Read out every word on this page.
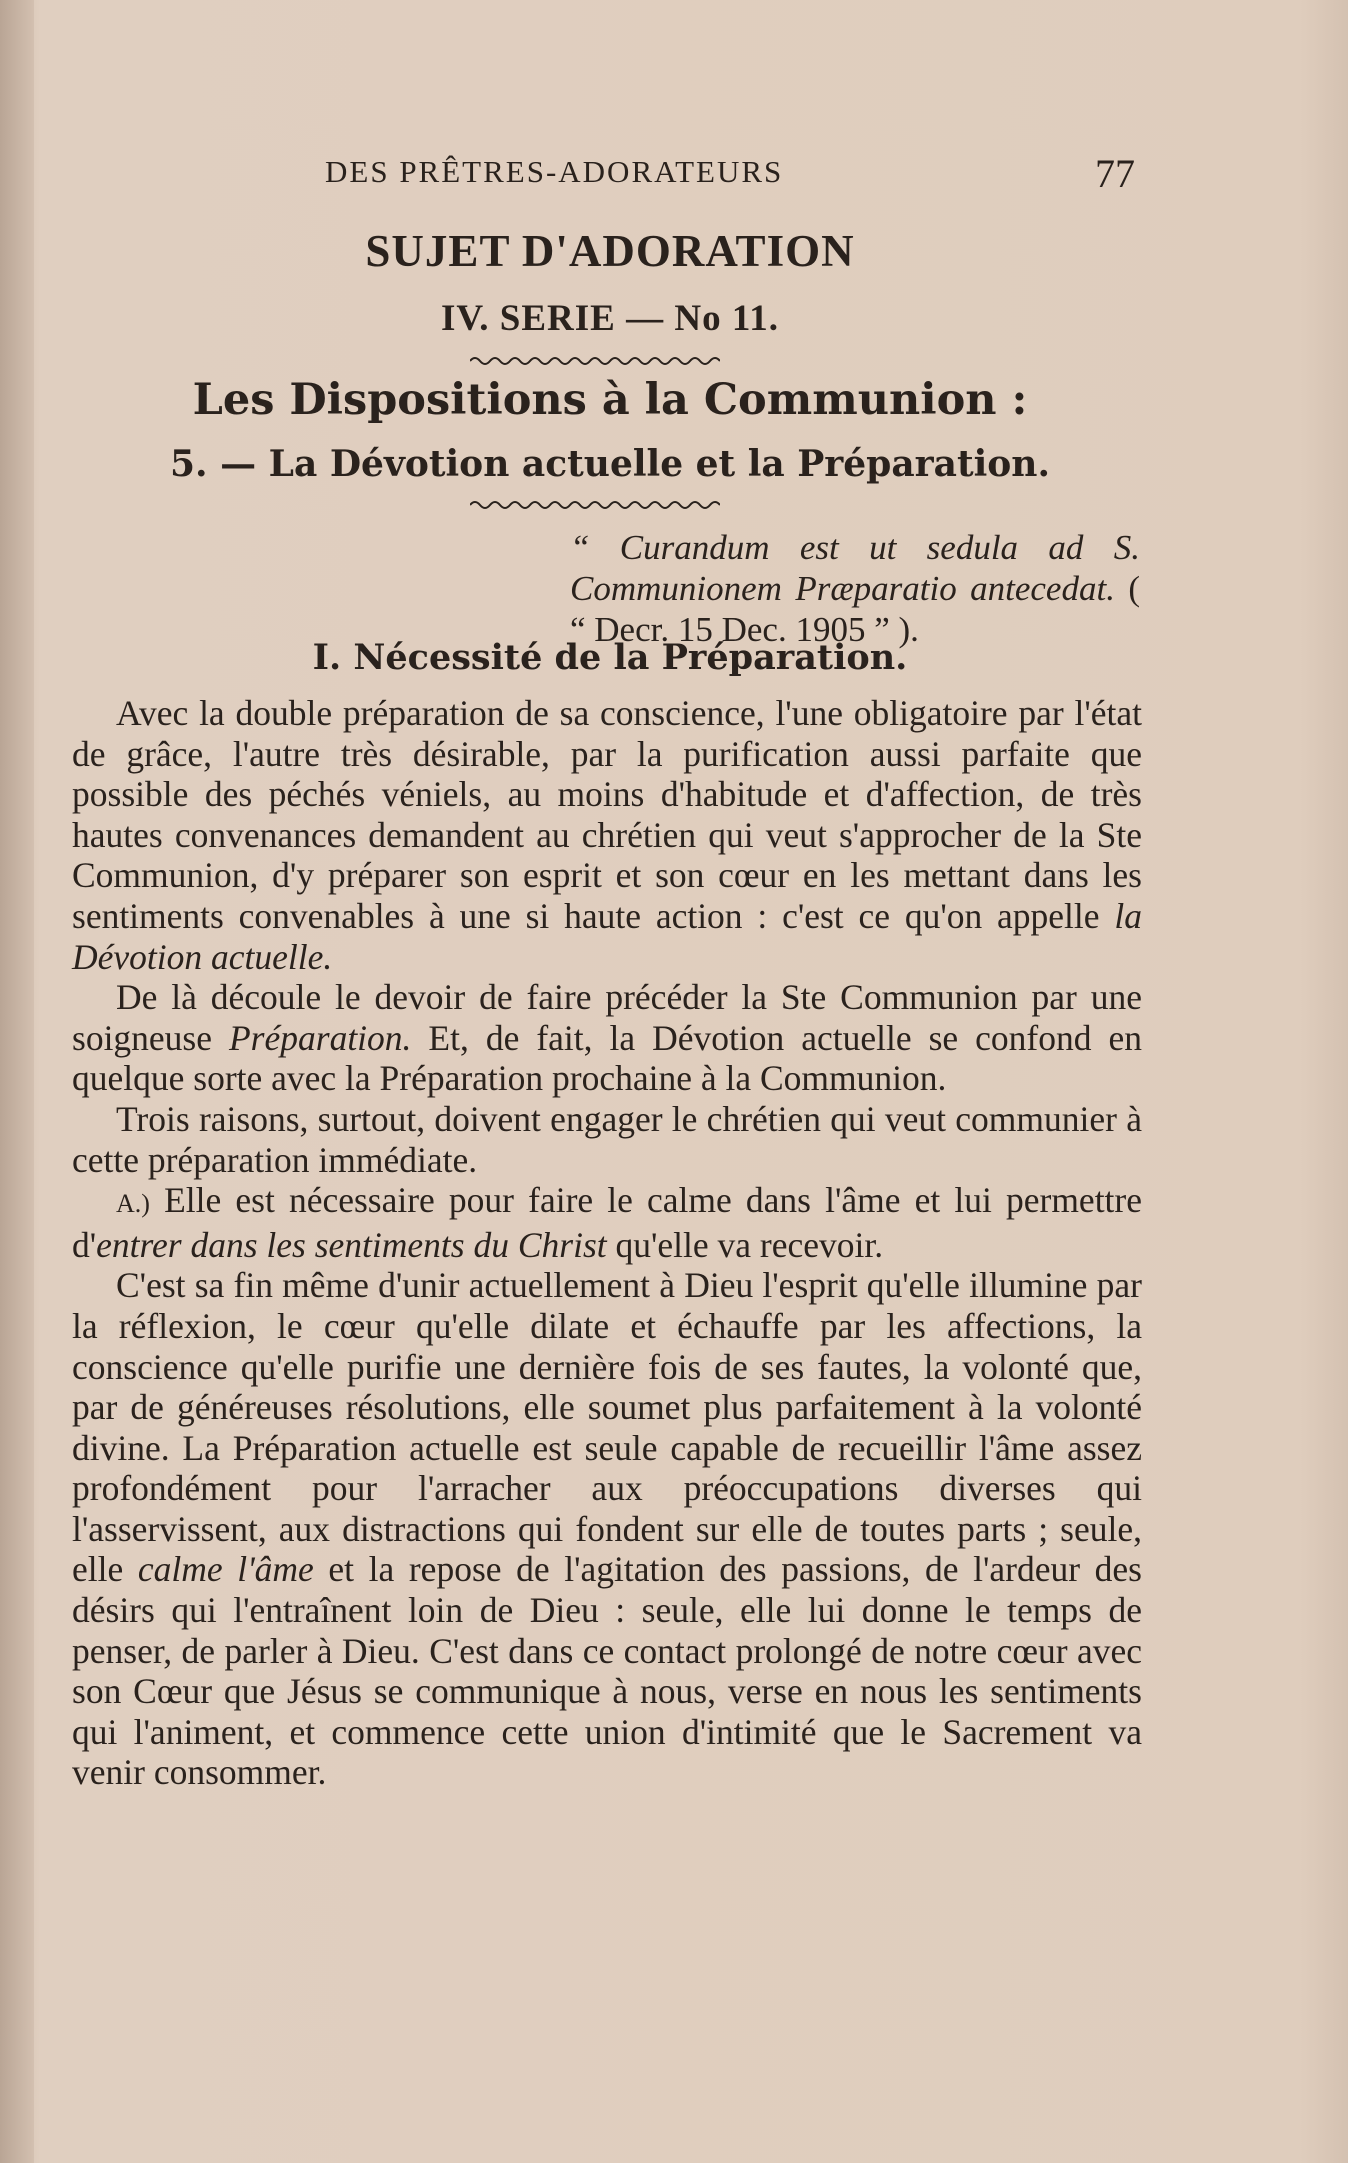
DES PRÊTRES-ADORATEURS	77
SUJET D'ADORATION
IV. SERIE — No 11.
Les Dispositions à la Communion :
5. — La Dévotion actuelle et la Préparation.
“ Curandum est ut sedula ad S. Communionem Præparatio antecedat. ( “ Decr. 15 Dec. 1905 ” ).
I. Nécessité de la Préparation.

Avec la double préparation de sa conscience, l'une obligatoire par l'état de grâce, l'autre très désirable, par la purification aussi parfaite que possible des péchés véniels, au moins d'habitude et d'affection, de très hautes convenances demandent au chrétien qui veut s'approcher de la Ste Communion, d'y préparer son esprit et son cœur en les mettant dans les sentiments convenables à une si haute action : c'est ce qu'on appelle la Dévotion actuelle.

De là découle le devoir de faire précéder la Ste Communion par une soigneuse Préparation. Et, de fait, la Dévotion actuelle se confond en quelque sorte avec la Préparation prochaine à la Communion.

Trois raisons, surtout, doivent engager le chrétien qui veut communier à cette préparation immédiate.

A.) Elle est nécessaire pour faire le calme dans l'âme et lui permettre d'entrer dans les sentiments du Christ qu'elle va recevoir.

C'est sa fin même d'unir actuellement à Dieu l'esprit qu'elle illumine par la réflexion, le cœur qu'elle dilate et échauffe par les affections, la conscience qu'elle purifie une dernière fois de ses fautes, la volonté que, par de généreuses résolutions, elle soumet plus parfaitement à la volonté divine. La Préparation actuelle est seule capable de recueillir l'âme assez profondément pour l'arracher aux préoccupations diverses qui l'asservissent, aux distractions qui fondent sur elle de toutes parts ; seule, elle calme l'âme et la repose de l'agitation des passions, de l'ardeur des désirs qui l'entraînent loin de Dieu : seule, elle lui donne le temps de penser, de parler à Dieu. C'est dans ce contact prolongé de notre cœur avec son Cœur que Jésus se communique à nous, verse en nous les sentiments qui l'animent, et commence cette union d'intimité que le Sacrement va venir consommer.
